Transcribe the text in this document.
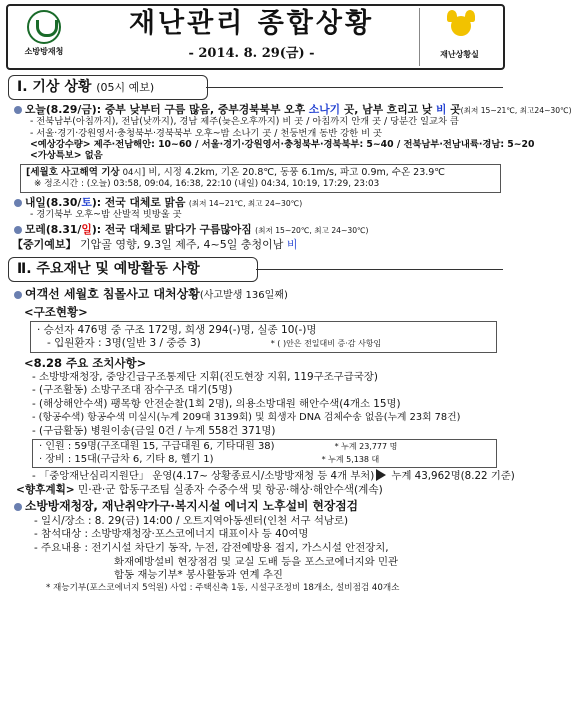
소방방재청
재난관리 종합상황
- 2014. 8. 29(금) -	재난상황실
Ⅰ. 기상 상황 (05시 예보)
오늘(8.29/금): 중부 낮부터 구름 많음, 중부경북북부 오후 소나기 곳, 남부 흐리고 낮 비 곳(최저 15~21℃, 최고24~30℃)
- 전북남부(아침까지), 전남(낮까지), 경남 제주(늦은오후까지) 비 곳 / 아침까지 안개 곳 / 당분간 일교차 큼
- 서울·경기·강원영서·충청북부·경북북부 오후~밤 소나기 곳 / 천둥번개 동반 강한 비 곳
<예상강수량> 제주·전남해안: 10~60 / 서울·경기·강원영서·충청북부·경북북부: 5~40 / 전북남부·전남내륙·경남: 5~20
<가상특보> 없음
[세월호 사고해역 기상 04시] 비, 시정 4.2km, 기온 20.8℃, 동풍 6.1m/s, 파고 0.9m, 수온 23.9℃
※ 정조시간 : (오늘) 03:58, 09:04, 16:38, 22:10 (내일) 04:34, 10:19, 17:29, 23:03
내일(8.30/토): 전국 대체로 맑음 (최저 14~21℃, 최고 24~30℃)
- 경기북부 오후~밤 산발적 빗방울 곳
모레(8.31/일): 전국 대체로 맑다가 구름많아짐 (최저 15~20℃, 최고 24~30℃)
【중기예보】 기압골 영향, 9.3일 제주, 4~5일 충청이남 비
Ⅱ. 주요재난 및 예방활동 사항
여객선 세월호 침몰사고 대처상황(사고발생 136일째)
<구조현황>
· 승선자 476명 중 구조 172명, 희생 294(-)명, 실종 10(-)명
- 입원환자 : 3명(일반 3 / 중증 3)	* ( )안은 전일대비 증·감 사항임
<8.28 주요 조치사항>
- 소방방재청장, 중앙긴급구조통제단 지휘(진도현장 지휘, 119구조구급국장)
- (구조활동) 소방구조대 잠수구조 대기(5명)
- (해상해안수색) 팽목항 안전순찰(1회 2명), 의용소방대원 해안수색(4개소 15명)
- (항공수색) 항공수색 미실시(누계 209대 3139회) 및 희생자 DNA 검체수송 없음(누계 23회 78건)
- (구급활동) 병원이송(금일 0건 / 누계 558건 371명)
· 인원 : 59명(구조대원 15, 구급대원 6, 기타대원 38)	* 누계 23,777 명
· 장비 : 15대(구급차 6, 기타 8, 헬기 1)	* 누계 5,138 대
- 「중앙재난심리지원단」 운영(4.17~ 상황종료시/소방방재청 등 4개 부처) 누계 43,962명(8.22 기준)
<향후계획> 민·관·군 합동구조팀 실종자 수중수색 및 항공·해상·해안수색(계속)
소방방재청장, 재난취약가구·복지시설 에너지 노후설비 현장점검
- 일시/장소 : 8. 29(금) 14:00 / 오트지역아동센터(인천 서구 석남로)
- 참석대상 : 소방방재청장·포스코에너지 대표이사 등 40여명
- 주요내용 : 전기시설 차단기 동작, 누전, 감전예방용 접지, 가스시설 안전장치,
화재예방설비 현장점검 및 교실 도배 등을 포스코에너지와 민관
합동 재능기부* 봉사활동과 연계 추진
* 재능기부(포스코에너지 5억원) 사업 : 주택신축 1동, 시설구조정비 18개소, 설비점검 40개소
